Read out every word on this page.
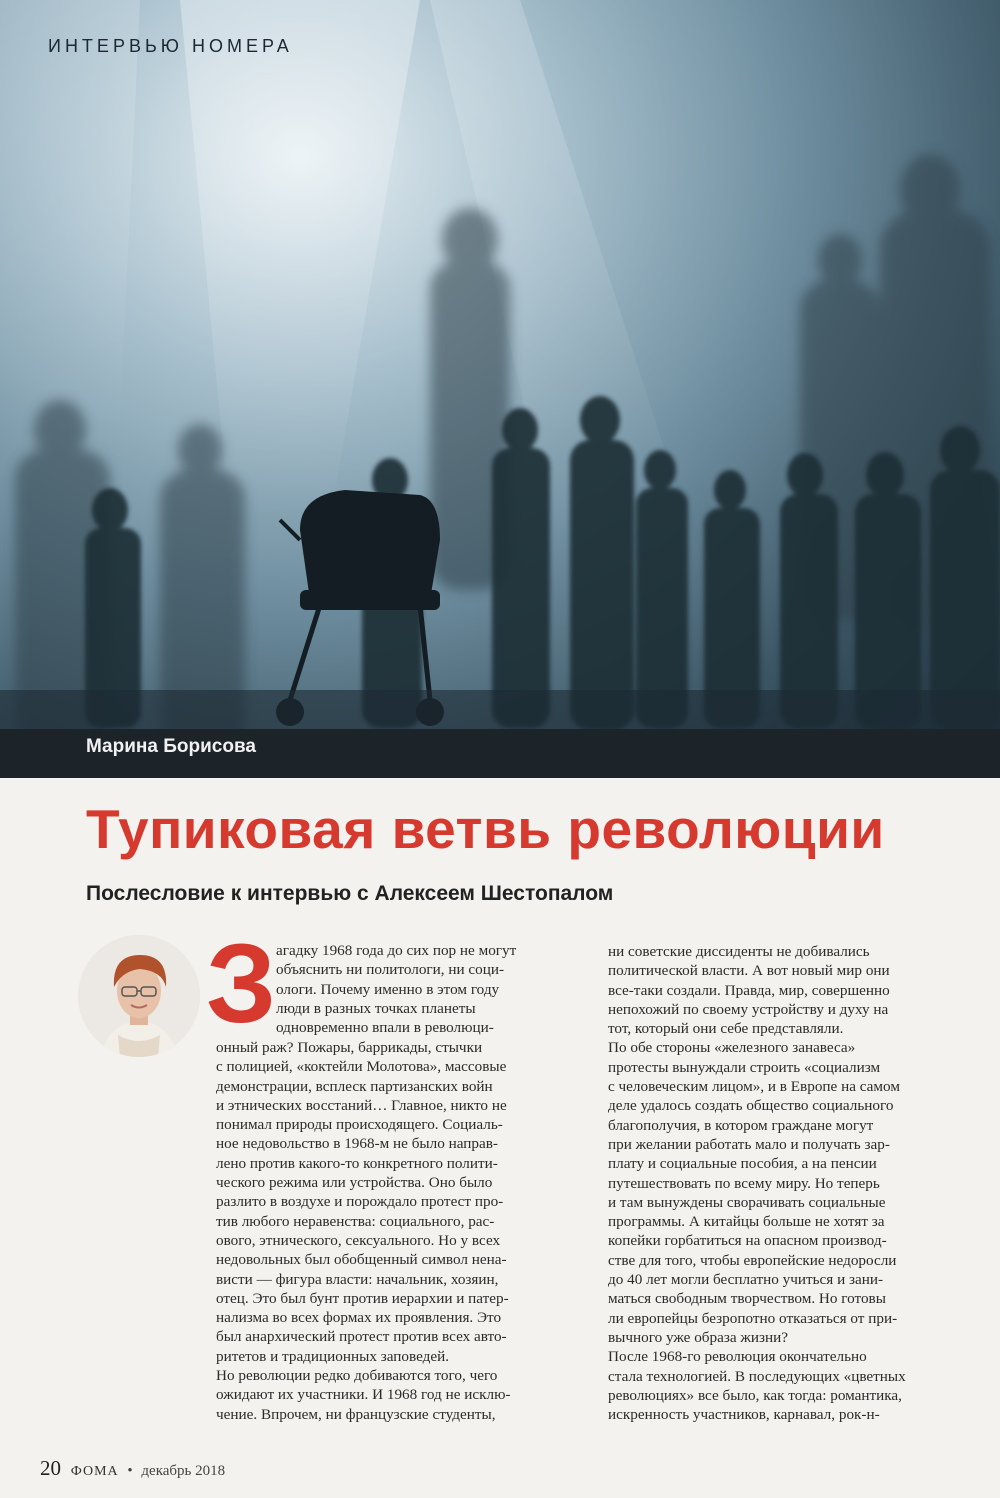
ИНТЕРВЬЮ НОМЕРА
Марина Борисова
Тупиковая ветвь революции
Послесловие к интервью с Алексеем Шестопалом
З агадку 1968 года до сих пор не могут
объяснить ни политологи, ни соци-
ологи. Почему именно в этом году
люди в разных точках планеты
одновременно впали в революци-
онный раж? Пожары, баррикады, стычки
с полицией, «коктейли Молотова», массовые
демонстрации, всплеск партизанских войн
и этнических восстаний… Главное, никто не
понимал природы происходящего. Социаль-
ное недовольство в 1968-м не было направ-
лено против какого-то конкретного полити-
ческого режима или устройства. Оно было
разлито в воздухе и порождало протест про-
тив любого неравенства: социального, рас-
ового, этнического, сексуального. Но у всех
недовольных был обобщенный символ нена-
висти — фигура власти: начальник, хозяин,
отец. Это был бунт против иерархии и патер-
нализма во всех формах их проявления. Это
был анархический протест против всех авто-
ритетов и традиционных заповедей.
Но революции редко добиваются того, чего
ожидают их участники. И 1968 год не исклю-
чение. Впрочем, ни французские студенты,
ни советские диссиденты не добивались
политической власти. А вот новый мир они
все-таки создали. Правда, мир, совершенно
непохожий по своему устройству и духу на
тот, который они себе представляли.
По обе стороны «железного занавеса»
протесты вынуждали строить «социализм
с человеческим лицом», и в Европе на самом
деле удалось создать общество социального
благополучия, в котором граждане могут
при желании работать мало и получать зар-
плату и социальные пособия, а на пенсии
путешествовать по всему миру. Но теперь
и там вынуждены сворачивать социальные
программы. А китайцы больше не хотят за
копейки горбатиться на опасном производ-
стве для того, чтобы европейские недоросли
до 40 лет могли бесплатно учиться и зани-
маться свободным творчеством. Но готовы
ли европейцы безропотно отказаться от при-
вычного уже образа жизни?
После 1968-го революция окончательно
стала технологией. В последующих «цветных
революциях» все было, как тогда: романтика,
искренность участников, карнавал, рок-н-
20 ФОМА • декабрь 2018
